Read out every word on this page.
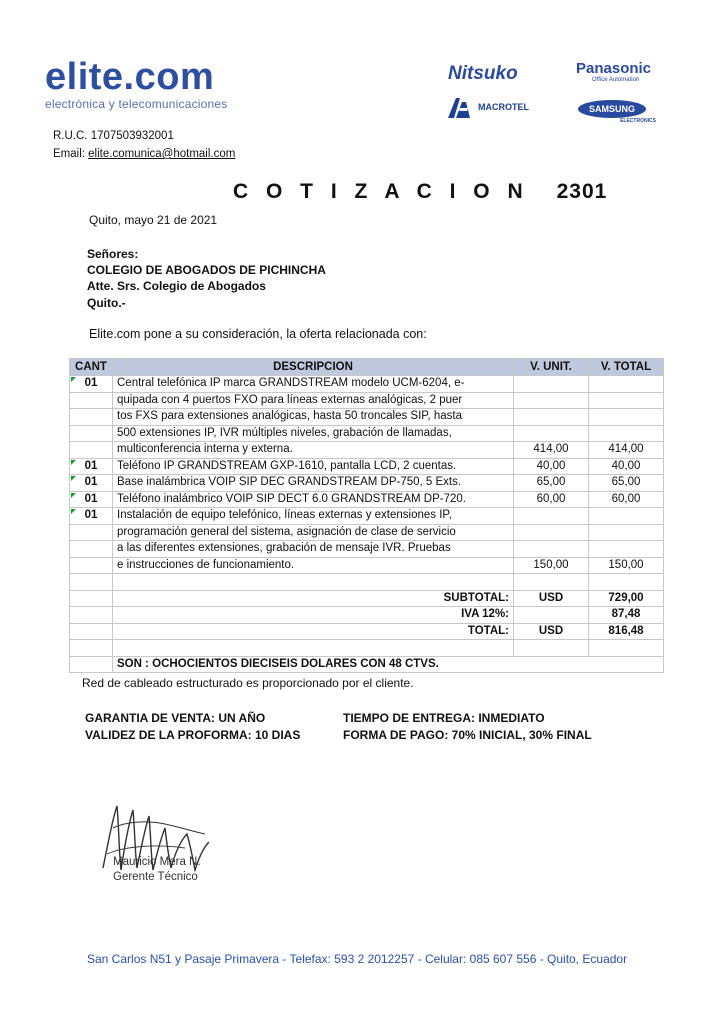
elite.com
electrónica y telecomunicaciones
Nitsuko	Panasonic
Office Automation
MACROTEL	SAMSUNG
ELECTRONICS
R.U.C. 1707503932001
Email: elite.comunica@hotmail.com
C O T I Z A C I O N 2301
Quito, mayo 21 de 2021
Señores:
COLEGIO DE ABOGADOS DE PICHINCHA
Atte. Srs. Colegio de Abogados
Quito.-
Elite.com pone a su consideración, la oferta relacionada con:
CANT	DESCRIPCION	V. UNIT.	V. TOTAL

01	Central telefónica IP marca GRANDSTREAM modelo UCM-6204, e-		
	quipada con 4 puertos FXO para líneas externas analógicas, 2 puer		
	tos FXS para extensiones analógicas, hasta 50 troncales SIP, hasta		
	500 extensiones IP, IVR múltiples niveles, grabación de llamadas,		
	multiconferencia interna y externa.	414,00	414,00

01	Teléfono IP GRANDSTREAM GXP-1610, pantalla LCD, 2 cuentas.	40,00	40,00

01	Base inalámbrica VOIP SIP DEC GRANDSTREAM DP-750, 5 Exts.	65,00	65,00

01	Teléfono inalámbrico VOIP SIP DECT 6.0 GRANDSTREAM DP-720.	60,00	60,00

01	Instalación de equipo telefónico, líneas externas y extensiones IP,		
	programación general del sistema, asignación de clase de servicio		
	a las diferentes extensiones, grabación de mensaje IVR. Pruebas		
	e instrucciones de funcionamiento.	150,00	150,00

	SUBTOTAL:	USD	729,00
	IVA 12%:		87,48
	TOTAL:	USD	816,48

	SON : OCHOCIENTOS DIECISEIS DOLARES CON 48 CTVS.		
Red de cableado estructurado es proporcionado por el cliente.
GARANTIA DE VENTA: UN AÑO
VALIDEZ DE LA PROFORMA: 10 DIAS
TIEMPO DE ENTREGA: INMEDIATO
FORMA DE PAGO: 70% INICIAL, 30% FINAL
Mauricio Mera N.
Gerente Técnico
San Carlos N51 y Pasaje Primavera - Telefax: 593 2 2012257 - Celular: 085 607 556 - Quito, Ecuador
